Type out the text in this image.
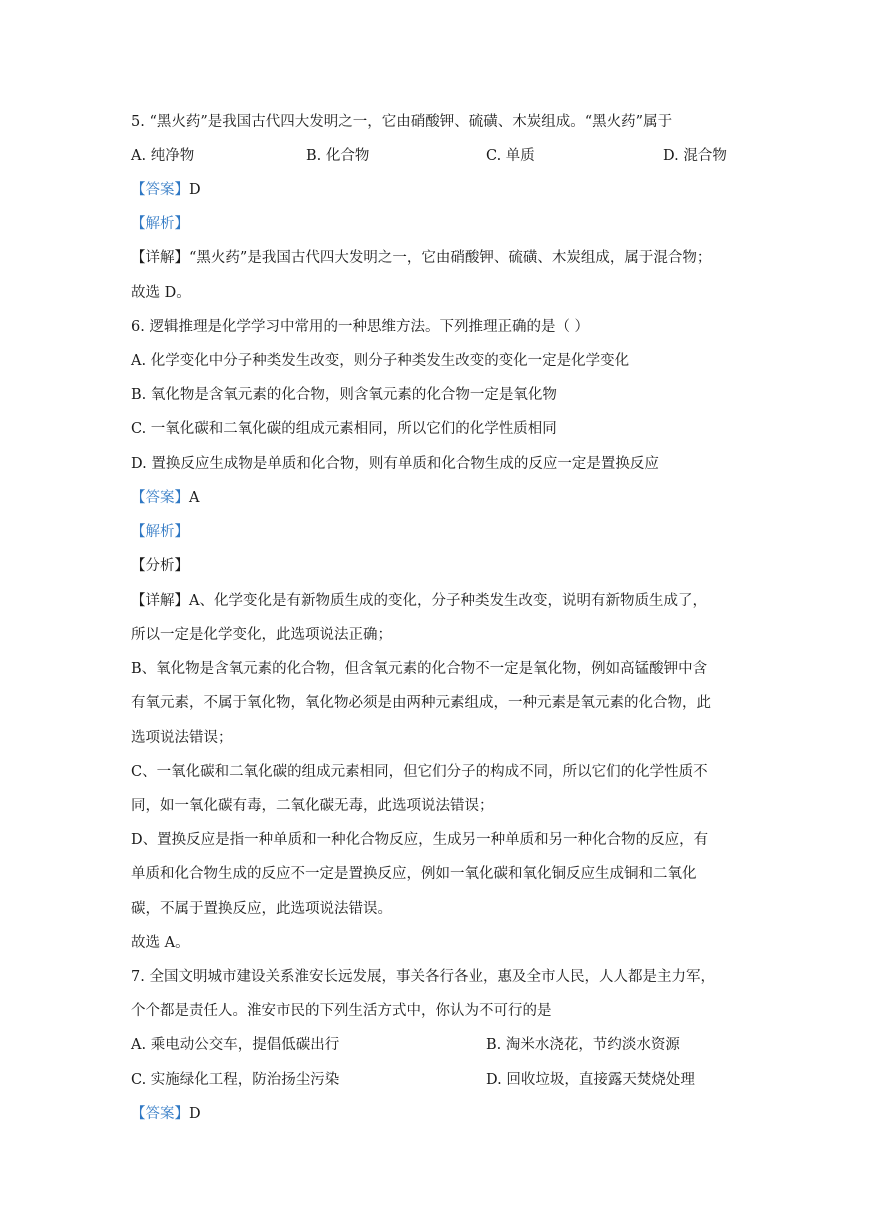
5. “黑火药”是我国古代四大发明之一，它由硝酸钾、硫磺、木炭组成。“黑火药”属于
A. 纯净物	B. 化合物	C. 单质	D. 混合物
【答案】D
【解析】
【详解】“黑火药”是我国古代四大发明之一，它由硝酸钾、硫磺、木炭组成，属于混合物；
故选 D。
6. 逻辑推理是化学学习中常用的一种思维方法。下列推理正确的是（ ）
A. 化学变化中分子种类发生改变，则分子种类发生改变的变化一定是化学变化
B. 氧化物是含氧元素的化合物，则含氧元素的化合物一定是氧化物
C. 一氧化碳和二氧化碳的组成元素相同，所以它们的化学性质相同
D. 置换反应生成物是单质和化合物，则有单质和化合物生成的反应一定是置换反应
【答案】A
【解析】
【分析】
【详解】A、化学变化是有新物质生成的变化，分子种类发生改变，说明有新物质生成了，
所以一定是化学变化，此选项说法正确；
B、氧化物是含氧元素的化合物，但含氧元素的化合物不一定是氧化物，例如高锰酸钾中含
有氧元素，不属于氧化物，氧化物必须是由两种元素组成，一种元素是氧元素的化合物，此
选项说法错误；
C、一氧化碳和二氧化碳的组成元素相同，但它们分子的构成不同，所以它们的化学性质不
同，如一氧化碳有毒，二氧化碳无毒，此选项说法错误；
D、置换反应是指一种单质和一种化合物反应，生成另一种单质和另一种化合物的反应，有
单质和化合物生成的反应不一定是置换反应，例如一氧化碳和氧化铜反应生成铜和二氧化
碳，不属于置换反应，此选项说法错误。
故选 A。
7. 全国文明城市建设关系淮安长远发展，事关各行各业，惠及全市人民，人人都是主力军，
个个都是责任人。淮安市民的下列生活方式中，你认为不可行的是
A. 乘电动公交车，提倡低碳出行	B. 淘米水浇花，节约淡水资源
C. 实施绿化工程，防治扬尘污染	D. 回收垃圾，直接露天焚烧处理
【答案】D
